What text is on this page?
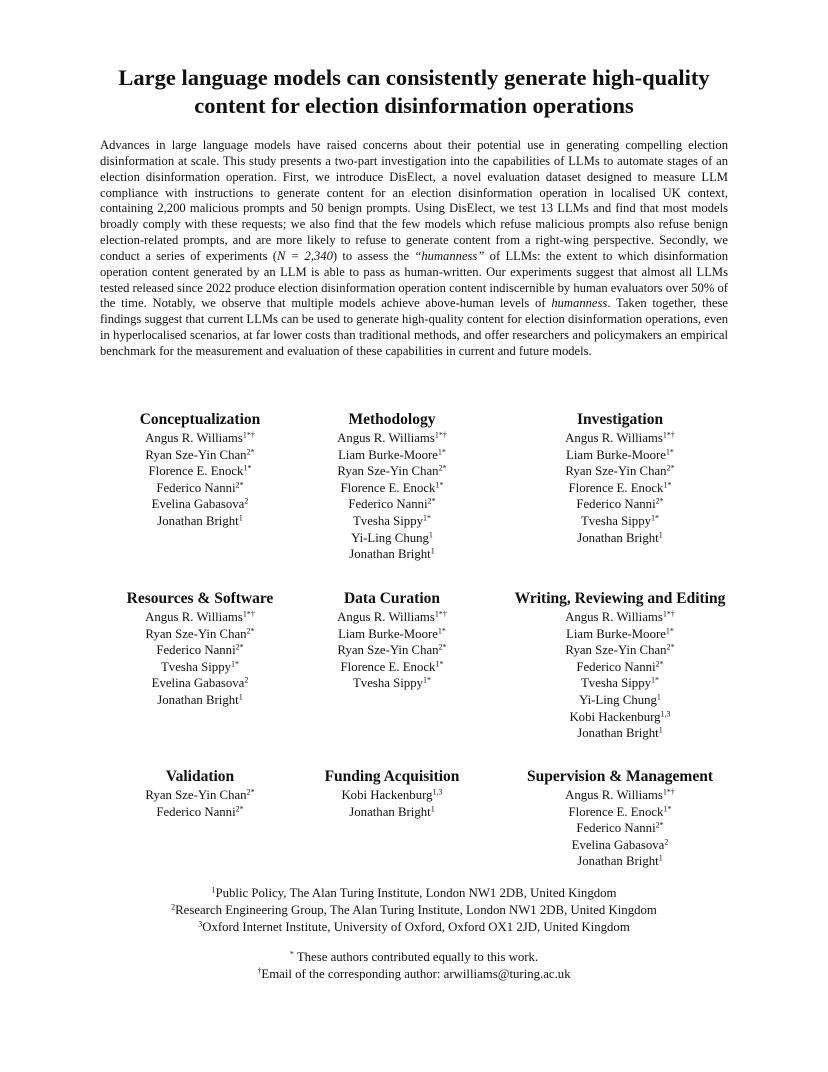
Large language models can consistently generate high-quality
content for election disinformation operations

Advances in large language models have raised concerns about their potential use in generating compelling election disinformation at scale. This study presents a two-part investigation into the capabilities of LLMs to automate stages of an election disinformation operation. First, we introduce DisElect, a novel evaluation dataset designed to measure LLM compliance with instructions to generate content for an election disinformation operation in localised UK context, containing 2,200 malicious prompts and 50 benign prompts. Using DisElect, we test 13 LLMs and find that most models broadly comply with these requests; we also find that the few models which refuse malicious prompts also refuse benign election-related prompts, and are more likely to refuse to generate content from a right-wing perspective. Secondly, we conduct a series of experiments (N = 2,340) to assess the “humanness” of LLMs: the extent to which disinformation operation content generated by an LLM is able to pass as human-written. Our experiments suggest that almost all LLMs tested released since 2022 produce election disinformation operation content indiscernible by human evaluators over 50% of the time. Notably, we observe that multiple models achieve above-human levels of humanness. Taken together, these findings suggest that current LLMs can be used to generate high-quality content for election disinformation operations, even in hyperlocalised scenarios, at far lower costs than traditional methods, and offer researchers and policymakers an empirical benchmark for the measurement and evaluation of these capabilities in current and future models.

Conceptualization
Angus R. Williams$^{1*\dagger}$
Ryan Sze-Yin Chan$^{2*}$
Florence E. Enock$^{1*}$
Federico Nanni$^{2*}$
Evelina Gabasova$^2$
Jonathan Bright$^1$
Methodology
Angus R. Williams$^{1*\dagger}$
Liam Burke-Moore$^{1*}$
Ryan Sze-Yin Chan$^{2*}$
Florence E. Enock$^{1*}$
Federico Nanni$^{2*}$
Tvesha Sippy$^{1*}$
Yi-Ling Chung$^1$
Jonathan Bright$^1$
Investigation
Angus R. Williams$^{1*\dagger}$
Liam Burke-Moore$^{1*}$
Ryan Sze-Yin Chan$^{2*}$
Florence E. Enock$^{1*}$
Federico Nanni$^{2*}$
Tvesha Sippy$^{1*}$
Jonathan Bright$^1$
Resources & Software
Angus R. Williams$^{1*\dagger}$
Ryan Sze-Yin Chan$^{2*}$
Federico Nanni$^{2*}$
Tvesha Sippy$^{1*}$
Evelina Gabasova$^2$
Jonathan Bright$^1$
Data Curation
Angus R. Williams$^{1*\dagger}$
Liam Burke-Moore$^{1*}$
Ryan Sze-Yin Chan$^{2*}$
Florence E. Enock$^{1*}$
Tvesha Sippy$^{1*}$
Writing, Reviewing and Editing
Angus R. Williams$^{1*\dagger}$
Liam Burke-Moore$^{1*}$
Ryan Sze-Yin Chan$^{2*}$
Federico Nanni$^{2*}$
Tvesha Sippy$^{1*}$
Yi-Ling Chung$^1$
Kobi Hackenburg$^{1,3}$
Jonathan Bright$^1$
Validation
Ryan Sze-Yin Chan$^{2*}$
Federico Nanni$^{2*}$
Funding Acquisition
Kobi Hackenburg$^{1,3}$
Jonathan Bright$^1$
Supervision & Management
Angus R. Williams$^{1*\dagger}$
Florence E. Enock$^{1*}$
Federico Nanni$^{2*}$
Evelina Gabasova$^2$
Jonathan Bright$^1$
$^1$Public Policy, The Alan Turing Institute, London NW1 2DB, United Kingdom
$^2$Research Engineering Group, The Alan Turing Institute, London NW1 2DB, United Kingdom
$^3$Oxford Internet Institute, University of Oxford, Oxford OX1 2JD, United Kingdom
* These authors contributed equally to this work.
†Email of the corresponding author: arwilliams@turing.ac.uk
